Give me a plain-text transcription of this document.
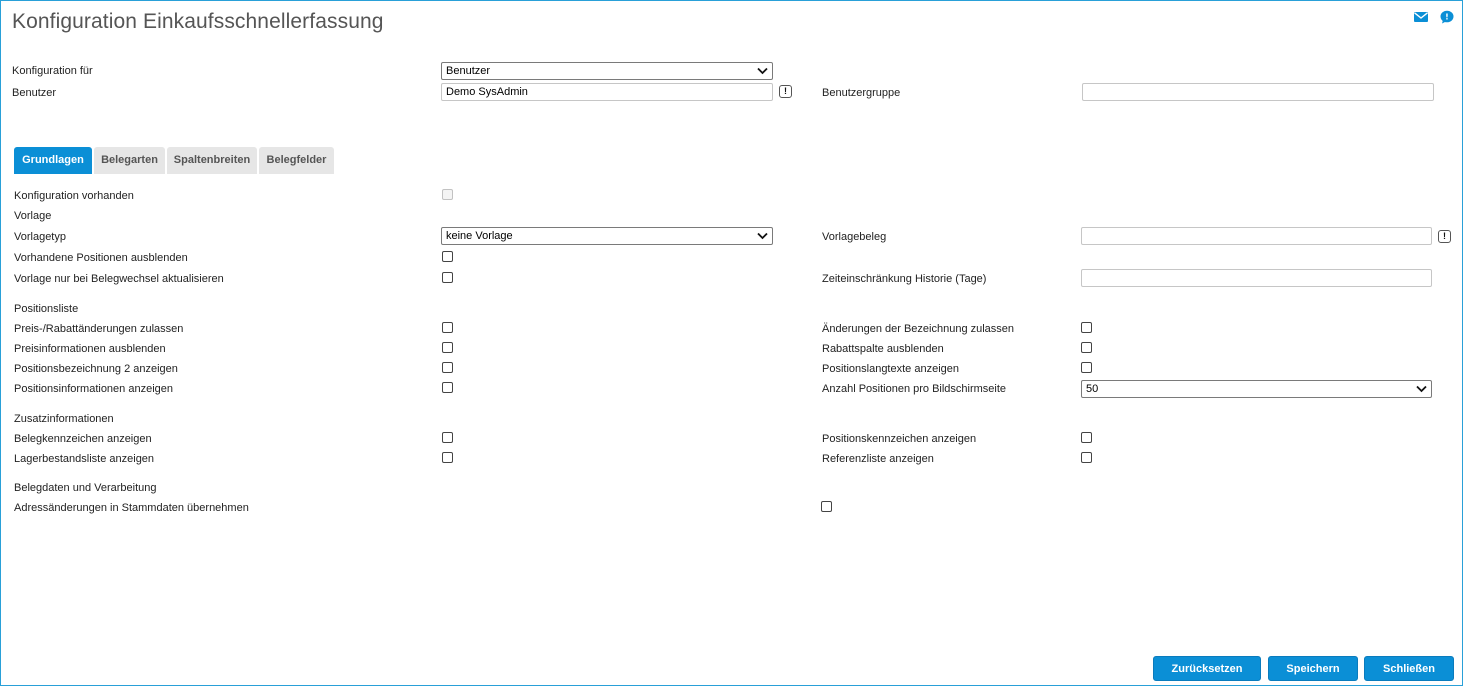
Konfiguration Einkaufsschnellerfassung	!
Konfiguration für	Benutzer
Benutzer	Demo SysAdmin	!	Benutzergruppe
Grundlagen	Belegarten	Spaltenbreiten	Belegfelder
Konfiguration vorhanden
Vorlage
Vorlagetyp	keine Vorlage	Vorlagebeleg	!
Vorhandene Positionen ausblenden
Vorlage nur bei Belegwechsel aktualisieren	Zeiteinschränkung Historie (Tage)
Positionsliste
Preis-/Rabattänderungen zulassen	Änderungen der Bezeichnung zulassen
Preisinformationen ausblenden	Rabattspalte ausblenden
Positionsbezeichnung 2 anzeigen	Positionslangtexte anzeigen
Positionsinformationen anzeigen	Anzahl Positionen pro Bildschirmseite	50
Zusatzinformationen
Belegkennzeichen anzeigen	Positionskennzeichen anzeigen
Lagerbestandsliste anzeigen	Referenzliste anzeigen
Belegdaten und Verarbeitung
Adressänderungen in Stammdaten übernehmen
Zurücksetzen	Speichern	Schließen
